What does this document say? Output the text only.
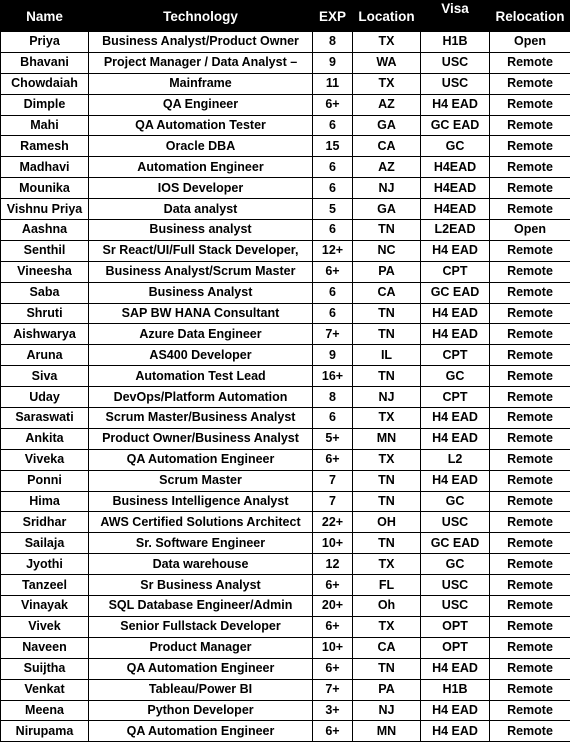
Name	Technology	EXP	Location	Visa	Relocation
Priya	Business Analyst/Product Owner	8	TX	H1B	Open
Bhavani	Project Manager / Data Analyst –	9	WA	USC	Remote
Chowdaiah	Mainframe	11	TX	USC	Remote
Dimple	QA Engineer	6+	AZ	H4 EAD	Remote
Mahi	QA Automation Tester	6	GA	GC EAD	Remote
Ramesh	Oracle DBA	15	CA	GC	Remote
Madhavi	Automation Engineer	6	AZ	H4EAD	Remote
Mounika	IOS Developer	6	NJ	H4EAD	Remote
Vishnu Priya	Data analyst	5	GA	H4EAD	Remote
Aashna	Business analyst	6	TN	L2EAD	Open
Senthil	Sr React/UI/Full Stack Developer,	12+	NC	H4 EAD	Remote
Vineesha	Business Analyst/Scrum Master	6+	PA	CPT	Remote
Saba	Business Analyst	6	CA	GC EAD	Remote
Shruti	SAP BW HANA Consultant	6	TN	H4 EAD	Remote
Aishwarya	Azure Data Engineer	7+	TN	H4 EAD	Remote
Aruna	AS400 Developer	9	IL	CPT	Remote
Siva	Automation Test Lead	16+	TN	GC	Remote
Uday	DevOps/Platform Automation	8	NJ	CPT	Remote
Saraswati	Scrum Master/Business Analyst	6	TX	H4 EAD	Remote
Ankita	Product Owner/Business Analyst	5+	MN	H4 EAD	Remote
Viveka	QA Automation Engineer	6+	TX	L2	Remote
Ponni	Scrum Master	7	TN	H4 EAD	Remote
Hima	Business Intelligence Analyst	7	TN	GC	Remote
Sridhar	AWS Certified Solutions Architect	22+	OH	USC	Remote
Sailaja	Sr. Software Engineer	10+	TN	GC EAD	Remote
Jyothi	Data warehouse	12	TX	GC	Remote
Tanzeel	Sr Business Analyst	6+	FL	USC	Remote
Vinayak	SQL Database Engineer/Admin	20+	Oh	USC	Remote
Vivek	Senior Fullstack Developer	6+	TX	OPT	Remote
Naveen	Product Manager	10+	CA	OPT	Remote
Suijtha	QA Automation Engineer	6+	TN	H4 EAD	Remote
Venkat	Tableau/Power BI	7+	PA	H1B	Remote
Meena	Python Developer	3+	NJ	H4 EAD	Remote
Nirupama	QA Automation Engineer	6+	MN	H4 EAD	Remote
